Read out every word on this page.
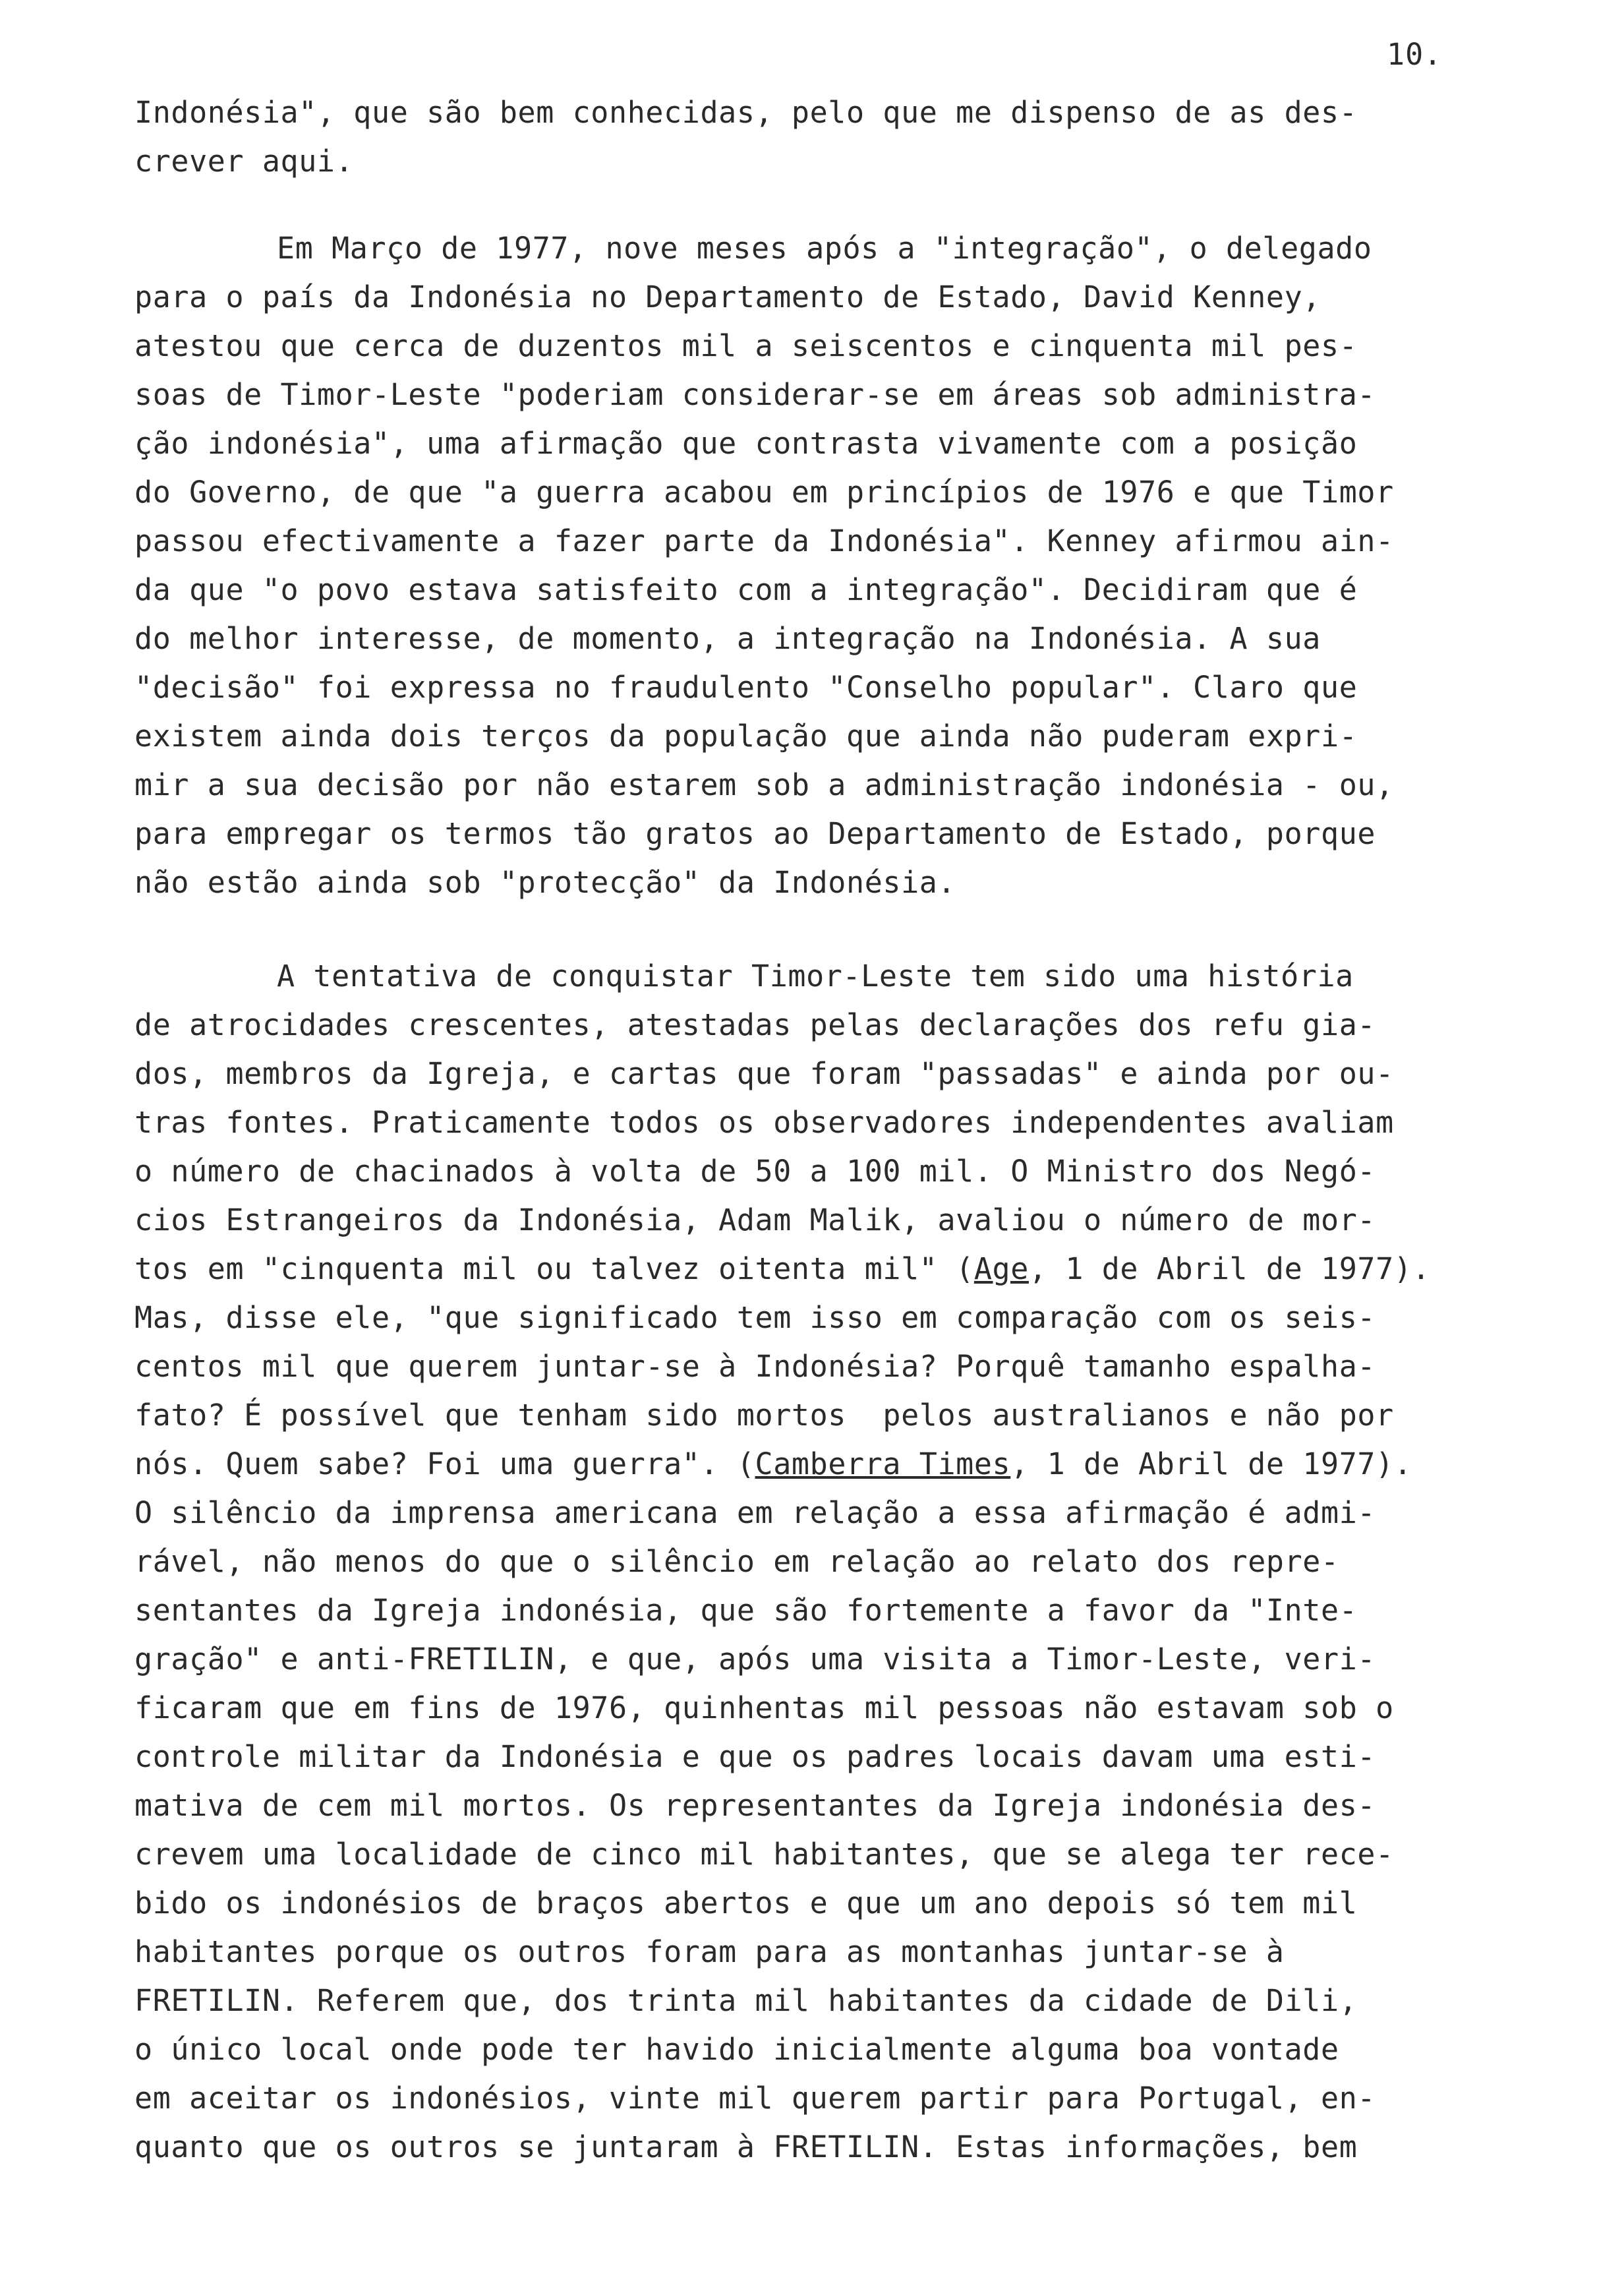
10.
Indonésia", que são bem conhecidas, pelo que me dispenso de as des-
crever aqui.
Em Março de 1977, nove meses após a "integração", o delegado
para o país da Indonésia no Departamento de Estado, David Kenney,
atestou que cerca de duzentos mil a seiscentos e cinquenta mil pes-
soas de Timor-Leste "poderiam considerar-se em áreas sob administra-
ção indonésia", uma afirmação que contrasta vivamente com a posição
do Governo, de que "a guerra acabou em princípios de 1976 e que Timor
passou efectivamente a fazer parte da Indonésia". Kenney afirmou ain-
da que "o povo estava satisfeito com a integração". Decidiram que é
do melhor interesse, de momento, a integração na Indonésia. A sua
"decisão" foi expressa no fraudulento "Conselho popular". Claro que
existem ainda dois terços da população que ainda não puderam expri-
mir a sua decisão por não estarem sob a administração indonésia - ou,
para empregar os termos tão gratos ao Departamento de Estado, porque
não estão ainda sob "protecção" da Indonésia.
A tentativa de conquistar Timor-Leste tem sido uma história
de atrocidades crescentes, atestadas pelas declarações dos refu gia-
dos, membros da Igreja, e cartas que foram "passadas" e ainda por ou-
tras fontes. Praticamente todos os observadores independentes avaliam
o número de chacinados à volta de 50 a 100 mil. O Ministro dos Negó-
cios Estrangeiros da Indonésia, Adam Malik, avaliou o número de mor-
tos em "cinquenta mil ou talvez oitenta mil" (Age, 1 de Abril de 1977).
Mas, disse ele, "que significado tem isso em comparação com os seis-
centos mil que querem juntar-se à Indonésia? Porquê tamanho espalha-
fato? É possível que tenham sido mortos  pelos australianos e não por
nós. Quem sabe? Foi uma guerra". (Camberra Times, 1 de Abril de 1977).
O silêncio da imprensa americana em relação a essa afirmação é admi-
rável, não menos do que o silêncio em relação ao relato dos repre-
sentantes da Igreja indonésia, que são fortemente a favor da "Inte-
gração" e anti-FRETILIN, e que, após uma visita a Timor-Leste, veri-
ficaram que em fins de 1976, quinhentas mil pessoas não estavam sob o
controle militar da Indonésia e que os padres locais davam uma esti-
mativa de cem mil mortos. Os representantes da Igreja indonésia des-
crevem uma localidade de cinco mil habitantes, que se alega ter rece-
bido os indonésios de braços abertos e que um ano depois só tem mil
habitantes porque os outros foram para as montanhas juntar-se à
FRETILIN. Referem que, dos trinta mil habitantes da cidade de Dili,
o único local onde pode ter havido inicialmente alguma boa vontade
em aceitar os indonésios, vinte mil querem partir para Portugal, en-
quanto que os outros se juntaram à FRETILIN. Estas informações, bem
